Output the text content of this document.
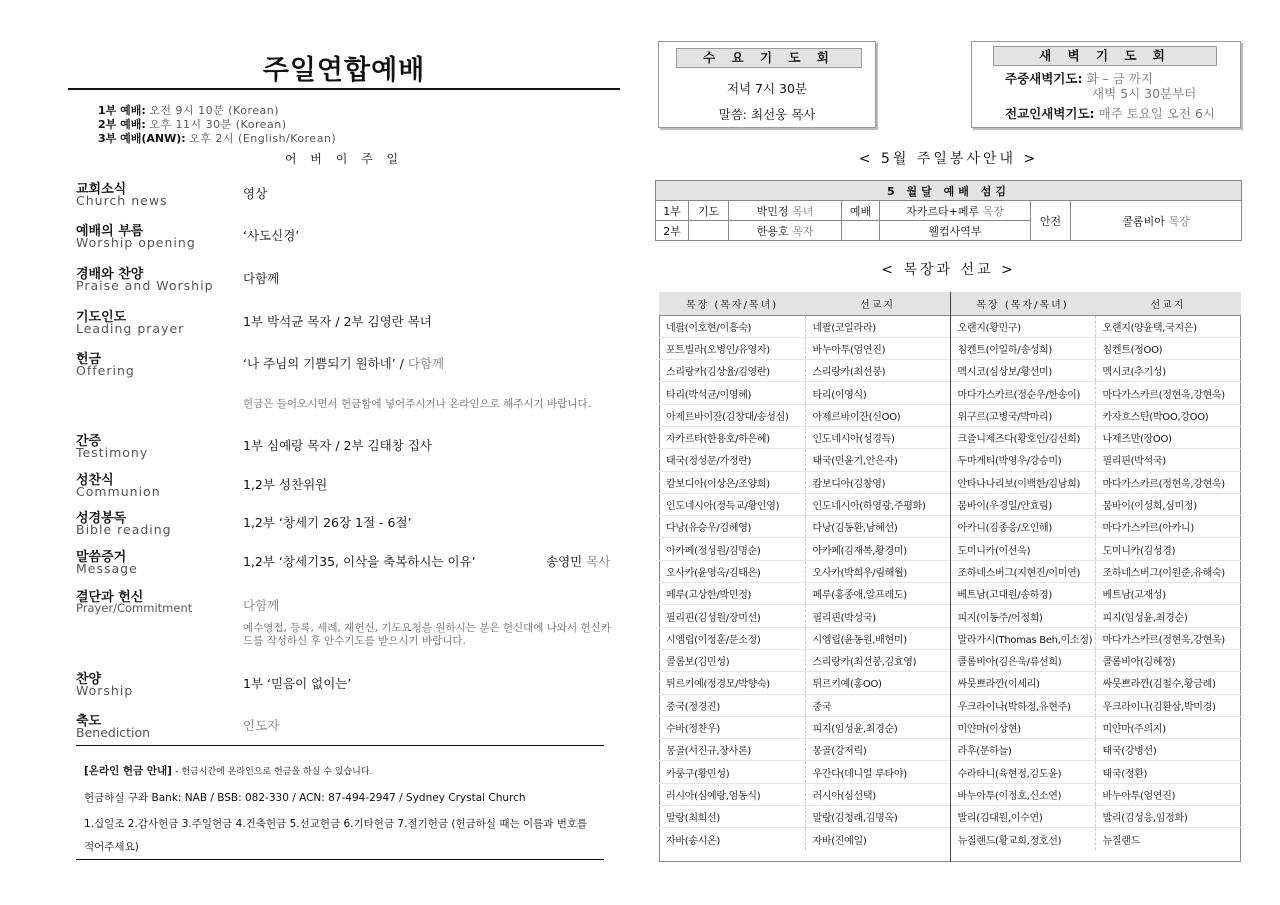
주일연합예배
1부 예배: 오전 9시 10분 (Korean)
2부 예배: 오후 11시 30분 (Korean)
3부 예배(ANW): 오후 2시 (English/Korean)
어 버 이 주 일
교회소식
Church news	영상
예배의 부름
Worship opening	‘사도신경’
경배와 찬양
Praise and Worship 다함께
기도인도
Leading prayer	1부 박석균 목자 / 2부 김영란 목녀
헌금
Offering	‘나 주님의 기쁨되기 원하네’ / 다함께
헌금은 들어오시면서 헌금함에 넣어주시거나 온라인으로 해주시기 바랍니다.
간증
Testimony	1부 심예랑 목자 / 2부 김태창 집사
성찬식
Communion	1,2부 성찬위원
성경봉독
Bible reading	1,2부 ‘창세기 26장 1절 - 6절’
말씀증거
Message	1,2부 ‘창세기35, 이삭을 축복하시는 이유’	송영민 목사
결단과 헌신
Prayer/Commitment	다함께
예수영접, 등록, 세례, 재헌신, 기도요청을 원하시는 분은 헌신대에 나와서 헌신카드를 작성하신 후 안수기도를 받으시기 바랍니다.
찬양
Worship	1부 ‘믿음이 없이는’
축도
Benediction	인도자
[온라인 헌금 안내] - 헌금시간에 온라인으로 헌금을 하실 수 있습니다.
헌금하실 구좌 Bank: NAB / BSB: 082-330 / ACN: 87-494-2947 / Sydney Crystal Church
1.십일조 2.감사헌금 3.주일헌금 4.건축헌금 5.선교헌금 6.기타헌금 7.절기헌금 (헌금하실 때는 이름과 번호를
적어주세요)
수 요 기 도 회
저녁 7시 30분
말씀: 최선웅 목사
새 벽 기 도 회
주중새벽기도: 화 – 금 까지
새벽 5시 30분부터
전교인새벽기도: 매주 토요일 오전 6시
< 5월 주일봉사안내 >
5 월달 예배 섬김						
1부	기도	박민정 목녀	예배	자카르타+페루 목장	안전	콜롬비아 목장
2부		한용호 목자		웰컴사역부		
< 목장과 선교 >
목장 (목자/목녀)	선교지	목장 (목자/목녀)	선교지
네팔(이호현/이흥숙)	네팔(코일라라)	오랜지(황민구)	오랜지(양윤택,국지은)
포트빌라(오병인/유영자)	바누아투(엄연진)	침켄트(이일하/송성희)	침켄트(정OO)
스리랑카(김상율/김영란)	스리랑카(최선봉)	멕시코(심상보/황선미)	멕시코(추기성)
타리(박석균/이영혜)	타리(이영식)	마다가스카르(정순우/한송이)	마다가스카르(정현욱,강현욱)
아제르바이잔(김창대/송성심)	아제르바이잔(신OO)	위구르(고병국/박마리)	카자흐스탄(박OO,강OO)
자카르타(한용호/하은혜)	인도네시아(성경득)	크즐니제즈다(황호인/김선희)	나제즈만(장OO)
태국(정성문/가정란)	태국(민윤기,안은자)	두마게티(박영우/강승미)	필리핀(박석국)
캄보디아(이상은/조양희)	캄보디아(김창영)	안타나나리보(이백한/김남희)	마다가스카르(정현욱,강현욱)
인도네시아(정득교/황인영)	인도네시아(하영광,주평화)	뭄바이(우경일/안효림)	뭄바이(이성희,심미정)
다낭(유승우/김혜영)	다낭(김동환,남혜선)	아카니(김종응/오인해)	마다가스카르(아카니)
아카페(정성원/김명순)	아카페(김재복,황경미)	도미니카(이선욱)	도미니카(김성경)
오사카(윤영옥/김태은)	오사카(박희우/림해월)	조하네스버그(지현진/이미연)	조하네스버그(이원준,유해숙)
페루(고상한/박민정)	페루(홍종애,알프레도)	베트남(고대원/송하경)	베트남(고재성)
필리핀(김성원/장미선)	필리핀(박성국)	피지(이동주/어정희)	피지(임성윤,최경순)
시엠립(이정훈/문소정)	시엠립(윤동원,배현미)	말라가시(Thomas Beh,이소정)	마다가스카르(정현욱,강현욱)
콜롬보(김민성)	스리랑카(최선봉,김효영)	콜롬비아(김은욱/류선희)	콜롬비아(김혜정)
튀르키예(정경모/박향숙)	튀르키예(홍OO)	싸뭇쁘라깐(이세리)	싸뭇쁘라깐(김철수,황금례)
중국(정경진)	중국	우크라이나(박하정,유현주)	우크라이나(김환삼,박미경)
수바(정찬우)	피지(임성윤,최경순)	미얀마(이상현)	미얀마(주의지)
몽골(서진규,장사론)	몽골(강저릭)	라후(문하늘)	태국(강병선)
카룽구(황민성)	우간다(데니얼 루타야)	수라타니(육현정,김도윤)	태국(정환)
러시아(심예랑,엄동식)	러시아(심선택)	바누아투(이정호,신소연)	바누아투(엄연진)
말랑(최희선)	말랑(김청래,김명옥)	발리(김대원,이수연)	발리(김성응,임정화)
자바(송시온)	자바(진예일)	뉴질랜드(황교희,정호선)	뉴질랜드
